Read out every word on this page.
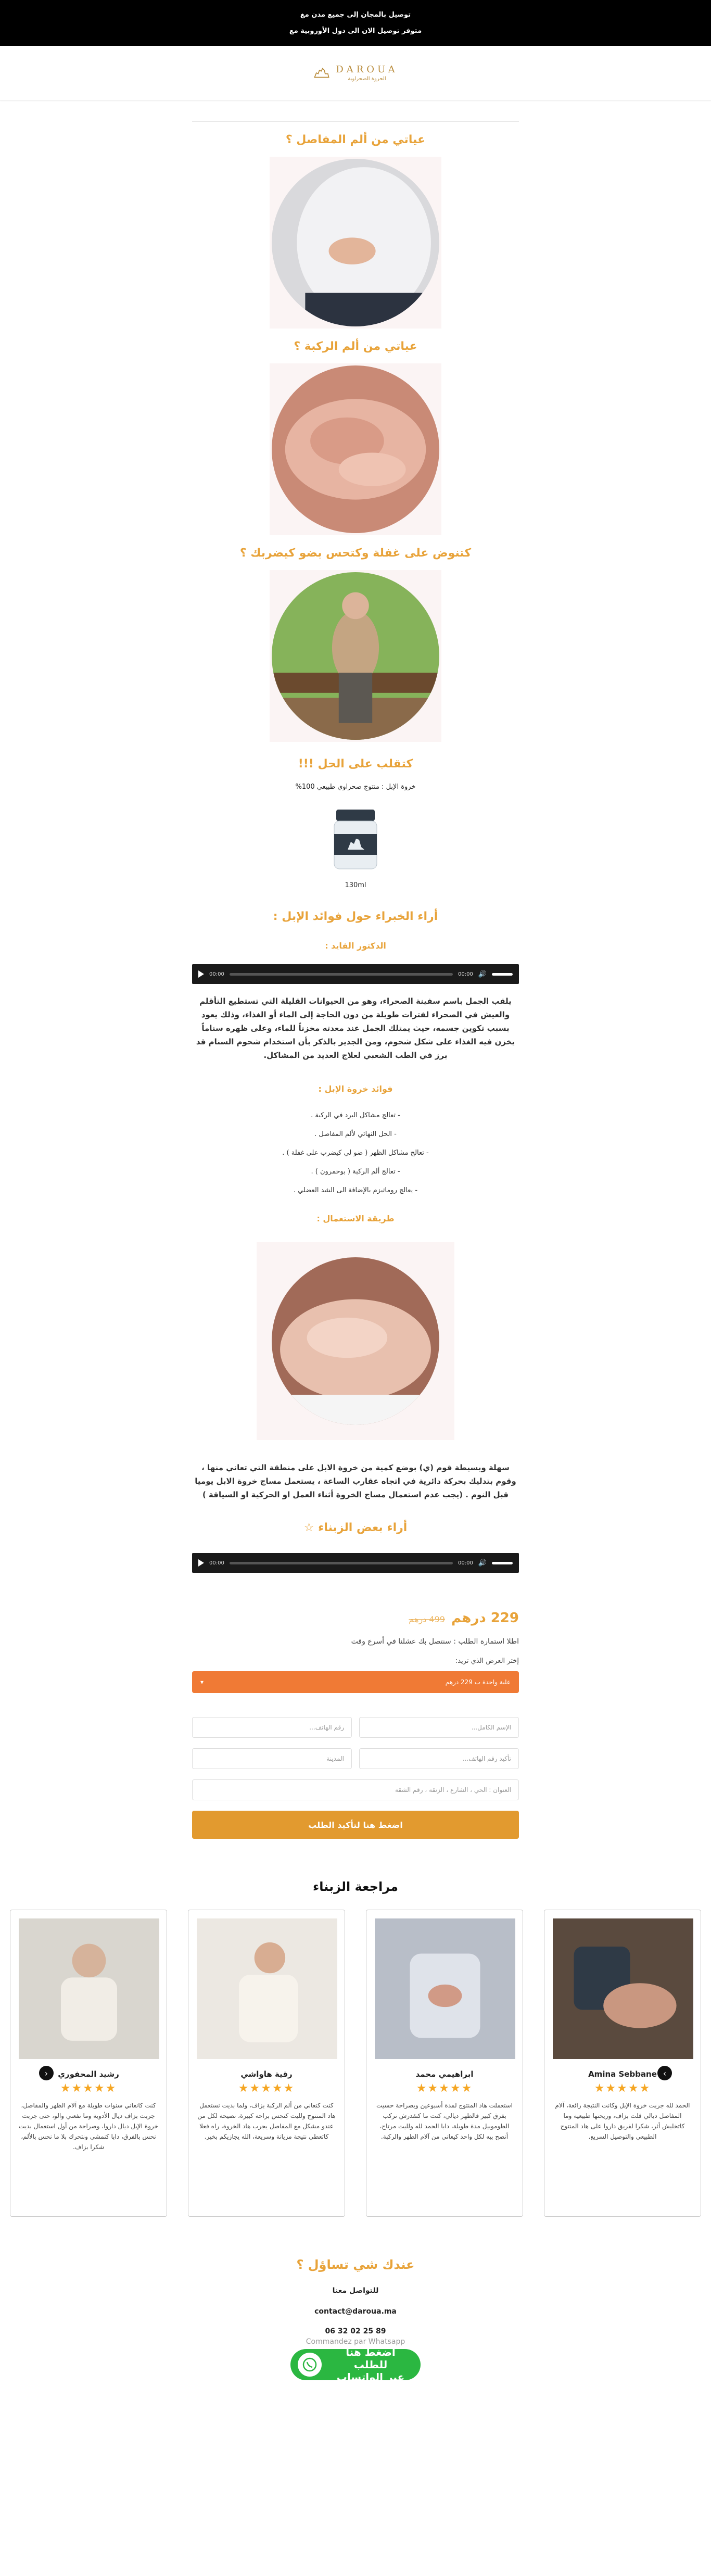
توصيل بالمجان إلى جميع مدن مغ
متوفر توصيل الان الى دول الأوروبية مع
DAROUA
الحروة الصحراوية
عياتي من ألم المفاصل ؟
عياتي من ألم الركبة ؟
كتنوض على غفلة وكتحس بضو كيضربك ؟
كتقلب على الحل !!!
خروة الإبل : منتوج صحراوي طبيعي 100%
130ml
أراء الخبراء حول فوائد الإبل :
الدكتور الفايد :
00:00	00:00 🔊
يلقب الجمل باسم سفينة الصحراء، وهو من الحيوانات القليلة التي تستطيع التأقلم والعيش في الصحراء لفترات طويلة من دون الحاجة إلى الماء أو الغذاء، وذلك يعود بسبب تكوين جسمه، حيث يمتلك الجمل عند معدته مخزناً للماء، وعلى ظهره سناماً يخزن فيه الغذاء على شكل شحوم، ومن الجدير بالذكر بأن استخدام شحوم السنام قد برز في الطب الشعبي لعلاج العديد من المشاكل.
فوائد خروة الإبل :
- تعالج مشاكل البرد في الركبة .
- الحل النهائي لألم المفاصل .
- تعالج مشاكل الظهر ( ضو لي كيضرب على غفلة ) .
- تعالج ألم الركبة ( بوحمرون ) .
- يعالج روماتيزم بالإضافة الى الشد العضلي .
طريقة الاستعمال :
سهلة وبسيطة قوم (ي) بوضع كمية من خروة الابل على منطقة التي تعاني منها ، وقوم بتدليك بحركة دائرية في اتجاه عقارب الساعة ، يستعمل مساج خروة الابل يوميا قبل النوم . (يجب عدم استعمال مساج الخروة أثناء العمل او الحركية او السياقة )
أراء بعض الزبناء ☆
00:00	00:00 🔊
229 درهم
499 درهم
اطلا استمارة الطلب : سنتصل بك عشلنا في أسرع وقت
إختر العرض الذي تريد:
علبة واحدة ب 229 درهم
▾
الإسم الكامل...
رقم الهاتف...
تأكيد رقم الهاتف...
المدينة
العنوان : الحي ، الشارع ، الزنقة ، رقم الشقة
اضغط هنا لتأكيد الطلب
مراجعة الزبناء
رشيد المحفوري
★★★★★
كنت كانعاني سنوات طويلة مع آلام الظهر والمفاصل، جربت بزاف ديال الأدوية وما نفعني والو، حتى جربت خروة الإبل ديال داروا، وصراحة من أول استعمال بديت نحس بالفرق، دابا كنمشي ونتحرك بلا ما نحس بالألم، شكرا بزاف.
رقية هاواشي
★★★★★
كنت كنعاني من ألم الركبة بزاف، ولما بديت نستعمل هاد المنتوج ولليت كنحس براحة كبيرة، نصيحة لكل من عندو مشكل مع المفاصل يجرب هاد الخروة، راه فعلا كاتعطي نتيجة مزيانة وسريعة، الله يجازيكم بخير.
ابراهيمي محمد
★★★★★
استعملت هاد المنتوج لمدة أسبوعين وبصراحة حسيت بفرق كبير فالظهر ديالي، كنت ما كنقدرش نركب الطوموبيل مدة طويلة، دابا الحمد لله ولليت مرتاح، أنصح بيه لكل واحد كيعاني من آلام الظهر والركبة.
Amina Sebbane
★★★★★
الحمد لله جربت خروة الإبل وكانت النتيجة رائعة، آلام المفاصل ديالي قلت بزاف، وريحتها طبيعية وما كاتخليش أثر، شكرا لفريق داروا على هاد المنتوج الطبيعي والتوصيل السريع.
‹	›
عندك شي تساؤل ؟
للتواصل معنا
contact@daroua.ma
06 32 02 25 89
Commandez par Whatsapp
اضغط هنا للطلب
عبر الواتساب
